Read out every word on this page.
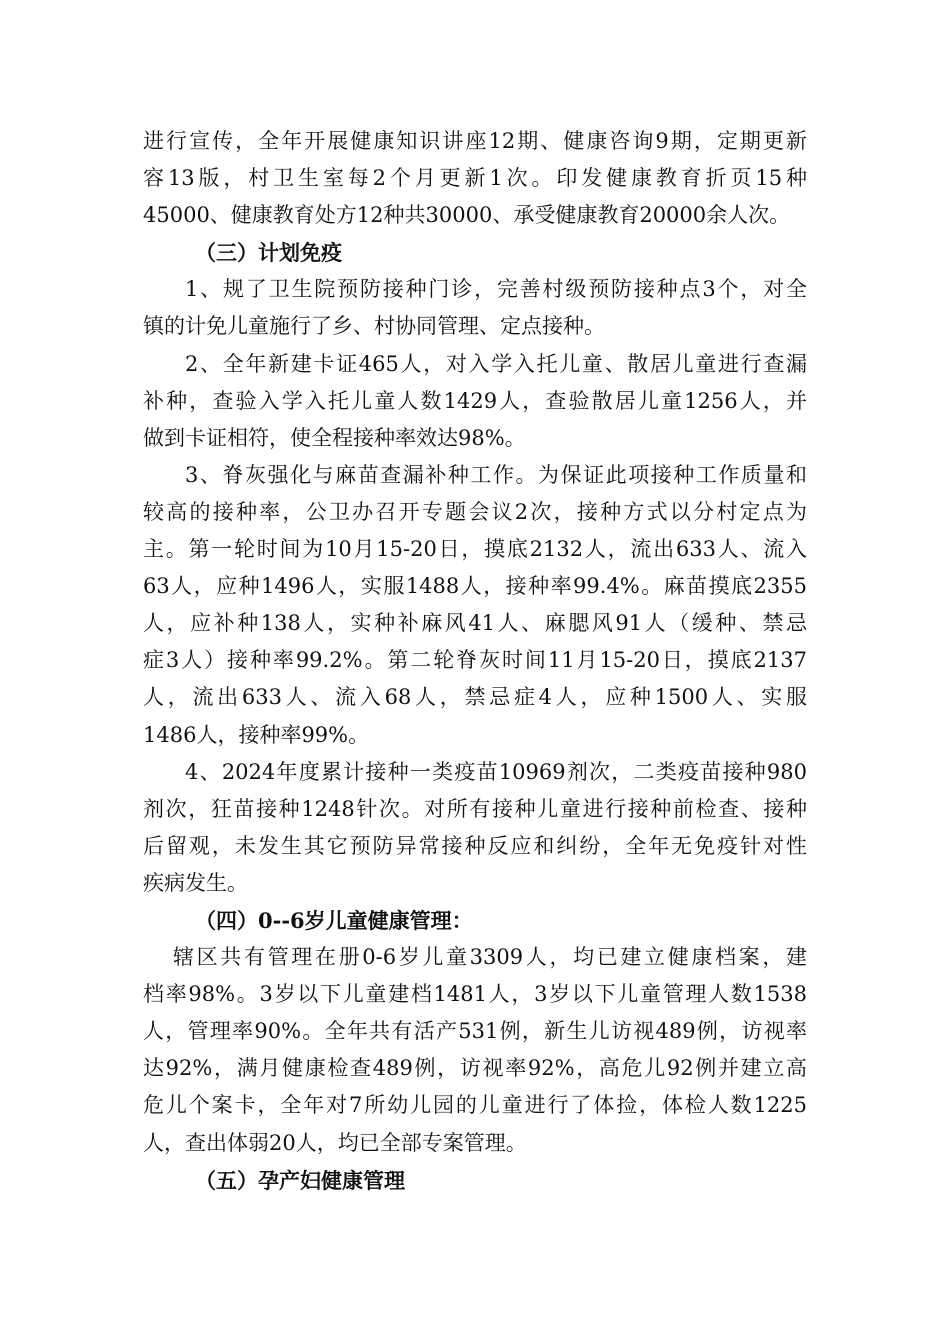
进行宣传，全年开展健康知识讲座12期、健康咨询9期，定期更新
容13版，村卫生室每2个月更新1次。印发健康教育折页15种
45000、健康教育处方12种共30000、承受健康教育20000余人次。
（三）计划免疫
1、规了卫生院预防接种门诊，完善村级预防接种点3个，对全
镇的计免儿童施行了乡、村协同管理、定点接种。
2、全年新建卡证465人，对入学入托儿童、散居儿童进行查漏
补种，查验入学入托儿童人数1429人，查验散居儿童1256人，并
做到卡证相符，使全程接种率效达98%。
3、脊灰强化与麻苗查漏补种工作。为保证此项接种工作质量和
较高的接种率，公卫办召开专题会议2次，接种方式以分村定点为
主。第一轮时间为10月15-20日，摸底2132人，流出633人、流入
63人，应种1496人，实服1488人，接种率99.4%。麻苗摸底2355
人，应补种138人，实种补麻风41人、麻腮风91人（缓种、禁忌
症3人）接种率99.2%。第二轮脊灰时间11月15-20日，摸底2137
人，流出633人、流入68人，禁忌症4人，应种1500人、实服
1486人，接种率99%。
4、2024年度累计接种一类疫苗10969剂次，二类疫苗接种980
剂次，狂苗接种1248针次。对所有接种儿童进行接种前检查、接种
后留观，未发生其它预防异常接种反应和纠纷，全年无免疫针对性
疾病发生。
（四）0--6岁儿童健康管理：
辖区共有管理在册0-6岁儿童3309人，均已建立健康档案，建
档率98%。3岁以下儿童建档1481人，3岁以下儿童管理人数1538
人，管理率90%。全年共有活产531例，新生儿访视489例，访视率
达92%，满月健康检查489例，访视率92%，高危儿92例并建立高
危儿个案卡，全年对7所幼儿园的儿童进行了体捡，体检人数1225
人，查出体弱20人，均已全部专案管理。
（五）孕产妇健康管理
